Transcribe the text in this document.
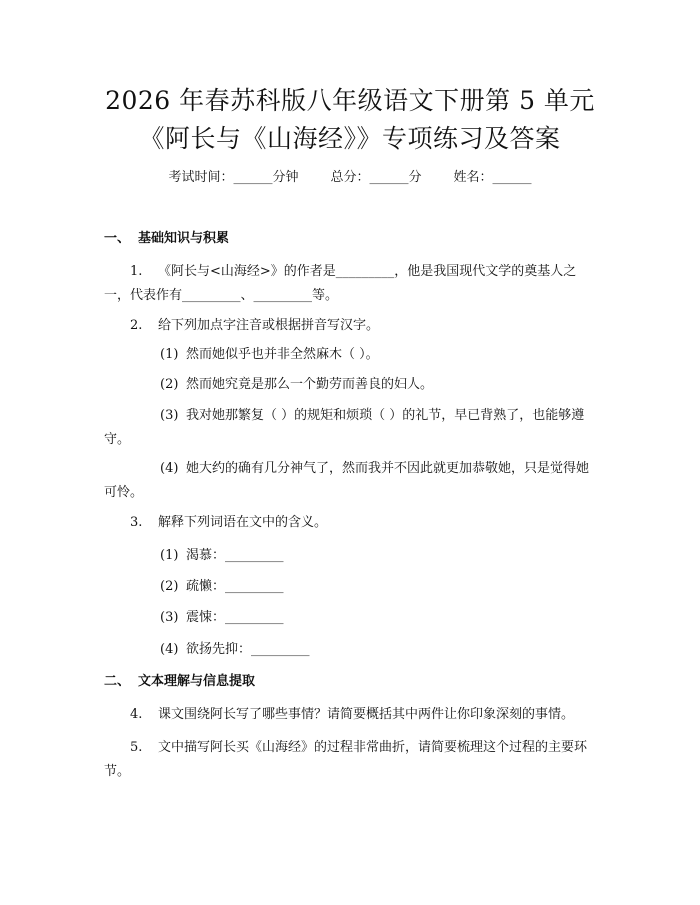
2026 年春苏科版八年级语文下册第 5 单元
《阿长与《山海经》》专项练习及答案
考试时间：______分钟 总分：______分 姓名：______
一、 基础知识与积累
1. 《阿长与<山海经>》的作者是_________，他是我国现代文学的奠基人之一，代表作有_________、_________等。
2. 给下列加点字注音或根据拼音写汉字。
(1) 然而她似乎也并非全然麻木（ ）。
(2) 然而她究竟是那么一个勤劳而善良的妇人。
(3) 我对她那繁复（ ）的规矩和烦琐（ ）的礼节，早已背熟了，也能够遵守。
(4) 她大约的确有几分神气了，然而我并不因此就更加恭敬她，只是觉得她可怜。
3. 解释下列词语在文中的含义。
(1) 渴慕：_________
(2) 疏懒：_________
(3) 震悚：_________
(4) 欲扬先抑：_________
二、 文本理解与信息提取
4. 课文围绕阿长写了哪些事情？请简要概括其中两件让你印象深刻的事情。
5. 文中描写阿长买《山海经》的过程非常曲折，请简要梳理这个过程的主要环节。
